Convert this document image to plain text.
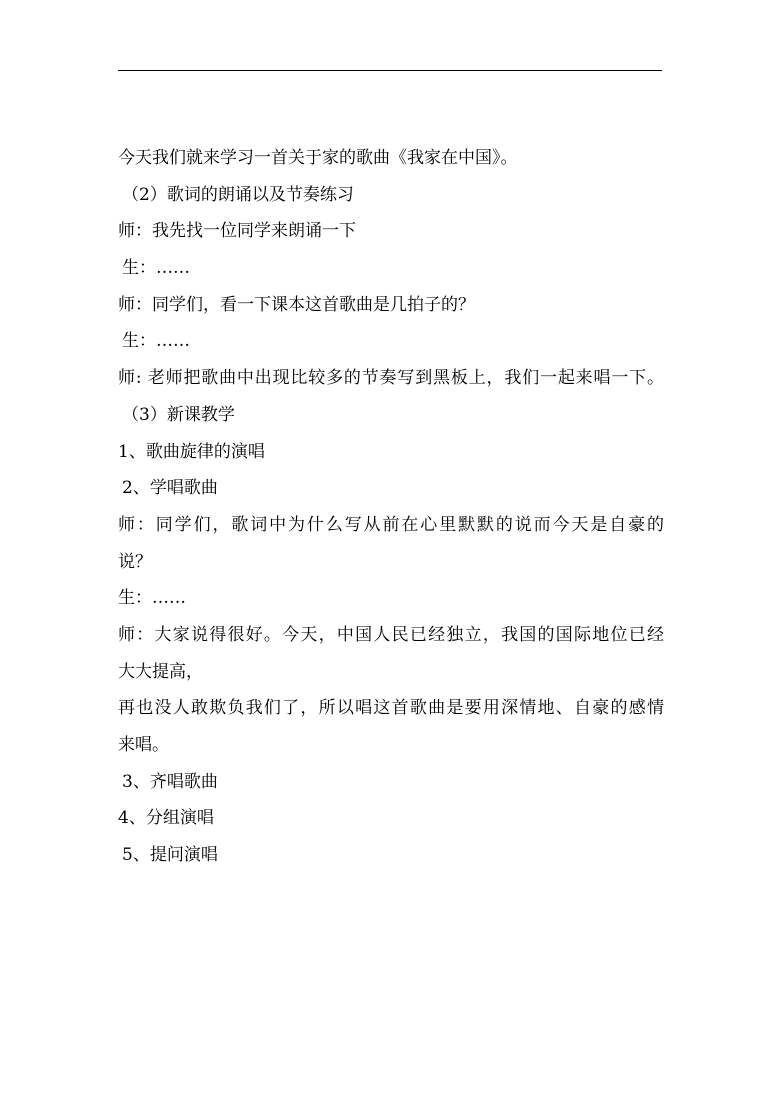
今天我们就来学习一首关于家的歌曲《我家在中国》。
（2）歌词的朗诵以及节奏练习
师：我先找一位同学来朗诵一下
生：……
师：同学们，看一下课本这首歌曲是几拍子的？
生：……
师: 老师把歌曲中出现比较多的节奏写到黑板上，我们一起来唱一下。
（3）新课教学
1、歌曲旋律的演唱
2、学唱歌曲
师：同学们，歌词中为什么写从前在心里默默的说而今天是自豪的
说？
生：……
师：大家说得很好。今天，中国人民已经独立，我国的国际地位已经
大大提高，
再也没人敢欺负我们了，所以唱这首歌曲是要用深情地、自豪的感情
来唱。
3、齐唱歌曲
4、分组演唱
5、提问演唱
